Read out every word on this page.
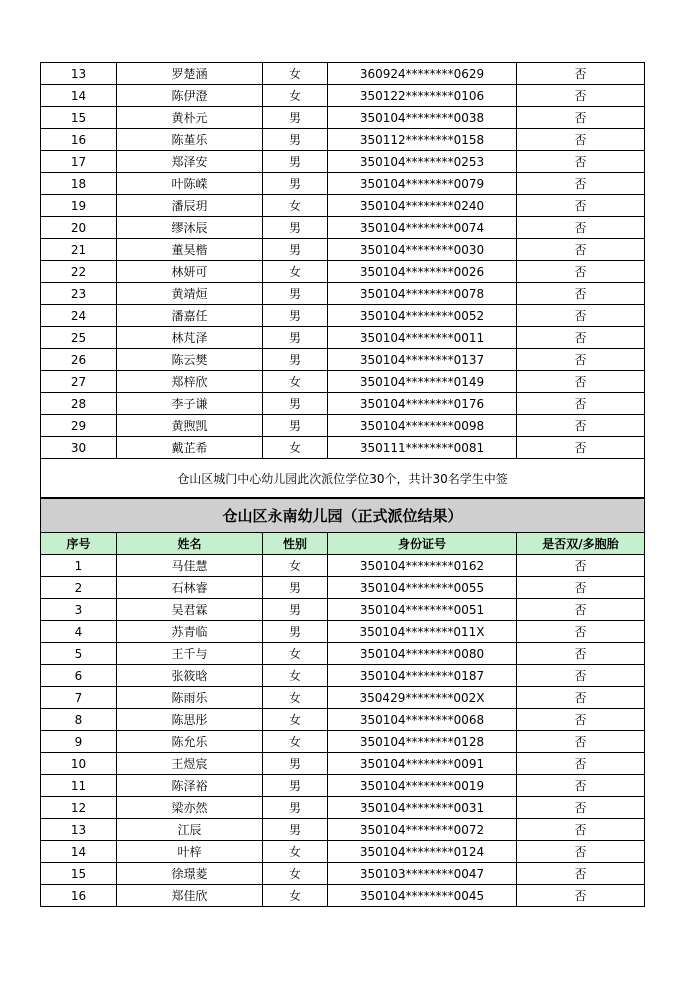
13	罗楚涵	女	360924********0629	否
14	陈伊澄	女	350122********0106	否
15	黄朴元	男	350104********0038	否
16	陈堇乐	男	350112********0158	否
17	郑泽安	男	350104********0253	否
18	叶陈嵘	男	350104********0079	否
19	潘辰玥	女	350104********0240	否
20	缪沐辰	男	350104********0074	否
21	董昊楷	男	350104********0030	否
22	林妍可	女	350104********0026	否
23	黄靖烜	男	350104********0078	否
24	潘嘉任	男	350104********0052	否
25	林芃泽	男	350104********0011	否
26	陈云樊	男	350104********0137	否
27	郑梓欣	女	350104********0149	否
28	李子谦	男	350104********0176	否
29	黄煦凯	男	350104********0098	否
30	戴芷希	女	350111********0081	否
仓山区城门中心幼儿园此次派位学位30个，共计30名学生中签				
仓山区永南幼儿园（正式派位结果）				
序号	姓名	性别	身份证号	是否双/多胞胎
1	马佳慧	女	350104********0162	否
2	石林睿	男	350104********0055	否
3	吴君霖	男	350104********0051	否
4	苏青临	男	350104********011X	否
5	王千与	女	350104********0080	否
6	张筱晗	女	350104********0187	否
7	陈雨乐	女	350429********002X	否
8	陈思彤	女	350104********0068	否
9	陈允乐	女	350104********0128	否
10	王煜宸	男	350104********0091	否
11	陈泽裕	男	350104********0019	否
12	梁亦然	男	350104********0031	否
13	江辰	男	350104********0072	否
14	叶梓	女	350104********0124	否
15	徐璟菱	女	350103********0047	否
16	郑佳欣	女	350104********0045	否
